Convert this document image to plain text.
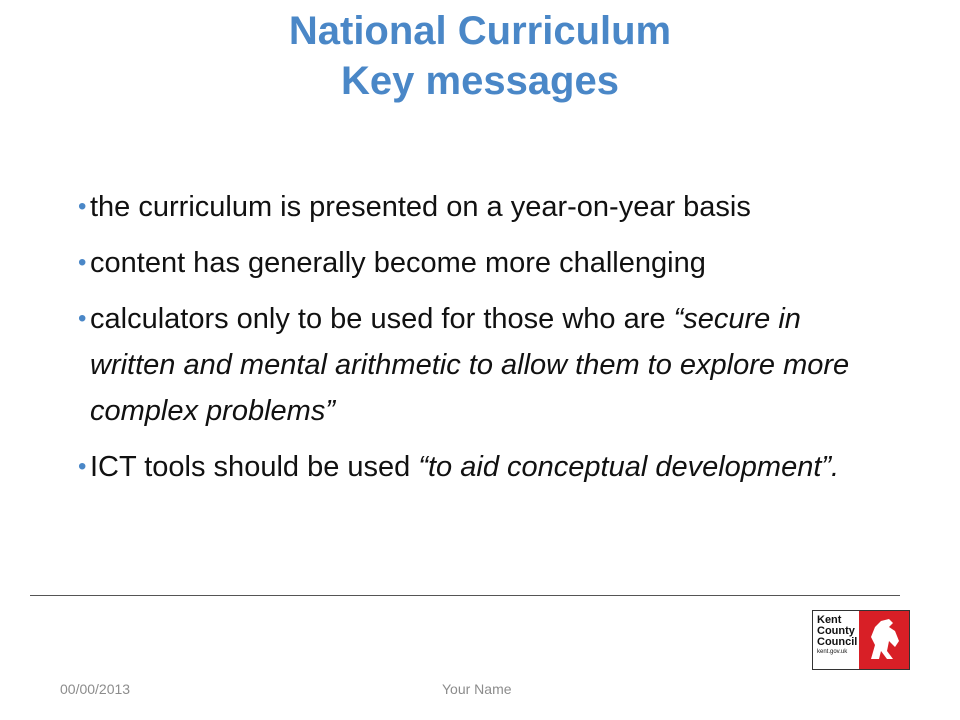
National Curriculum
Key messages
• the curriculum is presented on a year-on-year basis
• content has generally become more challenging
• calculators only to be used for those who are “secure in written and mental arithmetic to allow them to explore more complex problems”
• ICT tools should be used “to aid conceptual development”.
Kent
County
Council
kent.gov.uk
00/00/2013	Your Name
